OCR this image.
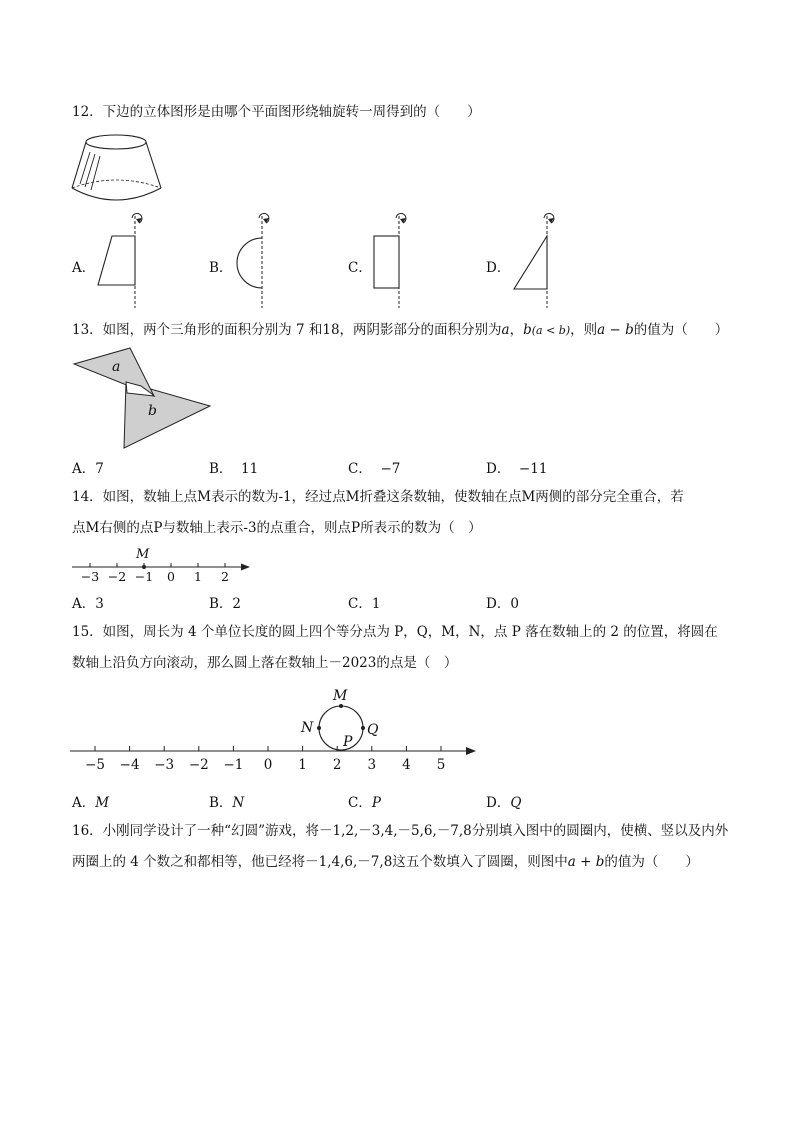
12．下边的立体图形是由哪个平面图形绕轴旋转一周得到的（　　）
A．	B．	C．	D．
13．如图，两个三角形的面积分别为 7 和18，两阴影部分的面积分别为a，b(a < b)，则a − b的值为（　　）
a
b
A．7	B． 11	C． −7	D． −11
14．如图，数轴上点M表示的数为-1，经过点M折叠这条数轴，使数轴在点M两侧的部分完全重合，若
点M右侧的点P与数轴上表示-3的点重合，则点P所表示的数为（　）
M
−3 −2 −1 0 1 2
A．3	B．2	C．1	D．0
15．如图，周长为 4 个单位长度的圆上四个等分点为 P，Q，M，N，点 P 落在数轴上的 2 的位置，将圆在
数轴上沿负方向滚动，那么圆上落在数轴上－2023的点是（　）
M
N	Q
P
−5 −4 −3 −2 −1 0 1 2 3 4 5
A．M	B．N	C．P	D．Q
16．小刚同学设计了一种“幻圆”游戏，将－1,2,－3,4,－5,6,－7,8分别填入图中的圆圈内，使横、竖以及内外
两圈上的 4 个数之和都相等，他已经将－1,4,6,－7,8这五个数填入了圆圈，则图中a + b的值为（　　）
